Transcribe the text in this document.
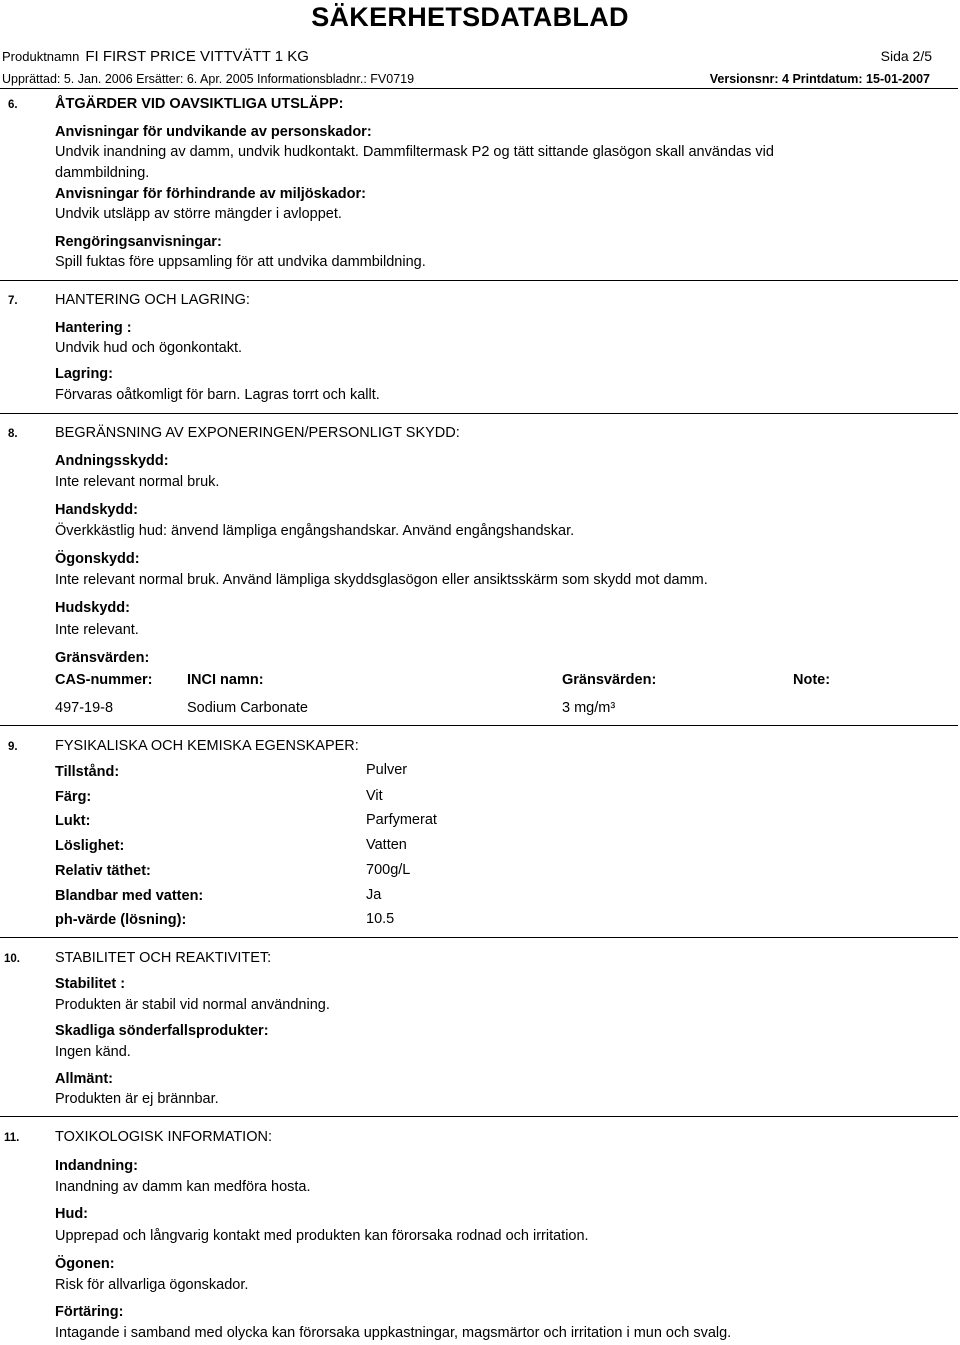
SÄKERHETSDATABLAD
Produktnamn FI FIRST PRICE VITTVÄTT 1 KG	Sida 2/5
Upprättad: 5. Jan. 2006 Ersätter: 6. Apr. 2005 Informationsbladnr.: FV0719	Versionsnr: 4 Printdatum: 15-01-2007
6.	ÅTGÄRDER VID OAVSIKTLIGA UTSLÄPP:
Anvisningar för undvikande av personskador:
Undvik inandning av damm, undvik hudkontakt. Dammfiltermask P2 og tätt sittande glasögon skall användas vid dammbildning.
Anvisningar för förhindrande av miljöskador:
Undvik utsläpp av större mängder i avloppet.
Rengöringsanvisningar:
Spill fuktas före uppsamling för att undvika dammbildning.
7.	HANTERING OCH LAGRING:
Hantering :
Undvik hud och ögonkontakt.
Lagring:
Förvaras oåtkomligt för barn. Lagras torrt och kallt.
8.	BEGRÄNSNING AV EXPONERINGEN/PERSONLIGT SKYDD:
Andningsskydd:
Inte relevant normal bruk.
Handskydd:
Överkkästlig hud: änvend lämpliga engångshandskar. Använd engångshandskar.
Ögonskydd:
Inte relevant normal bruk. Använd lämpliga skyddsglasögon eller ansiktsskärm som skydd mot damm.
Hudskydd:
Inte relevant.
Gränsvärden:
CAS-nummer: INCI namn:	Gränsvärden:	Note:
497-19-8	Sodium Carbonate	3 mg/m³
9.	FYSIKALISKA OCH KEMISKA EGENSKAPER:
Tillstånd:	Pulver
Färg:	Vit
Lukt:	Parfymerat
Löslighet:	Vatten
Relativ täthet:	700g/L
Blandbar med vatten:	Ja
ph-värde (lösning):	10.5
10. STABILITET OCH REAKTIVITET:
Stabilitet :
Produkten är stabil vid normal användning.
Skadliga sönderfallsprodukter:
Ingen känd.
Allmänt:
Produkten är ej brännbar.
11. TOXIKOLOGISK INFORMATION:
Indandning:
Inandning av damm kan medföra hosta.
Hud:
Upprepad och långvarig kontakt med produkten kan förorsaka rodnad och irritation.
Ögonen:
Risk för allvarliga ögonskador.
Förtäring:
Intagande i samband med olycka kan förorsaka uppkastningar, magsmärtor och irritation i mun och svalg.
